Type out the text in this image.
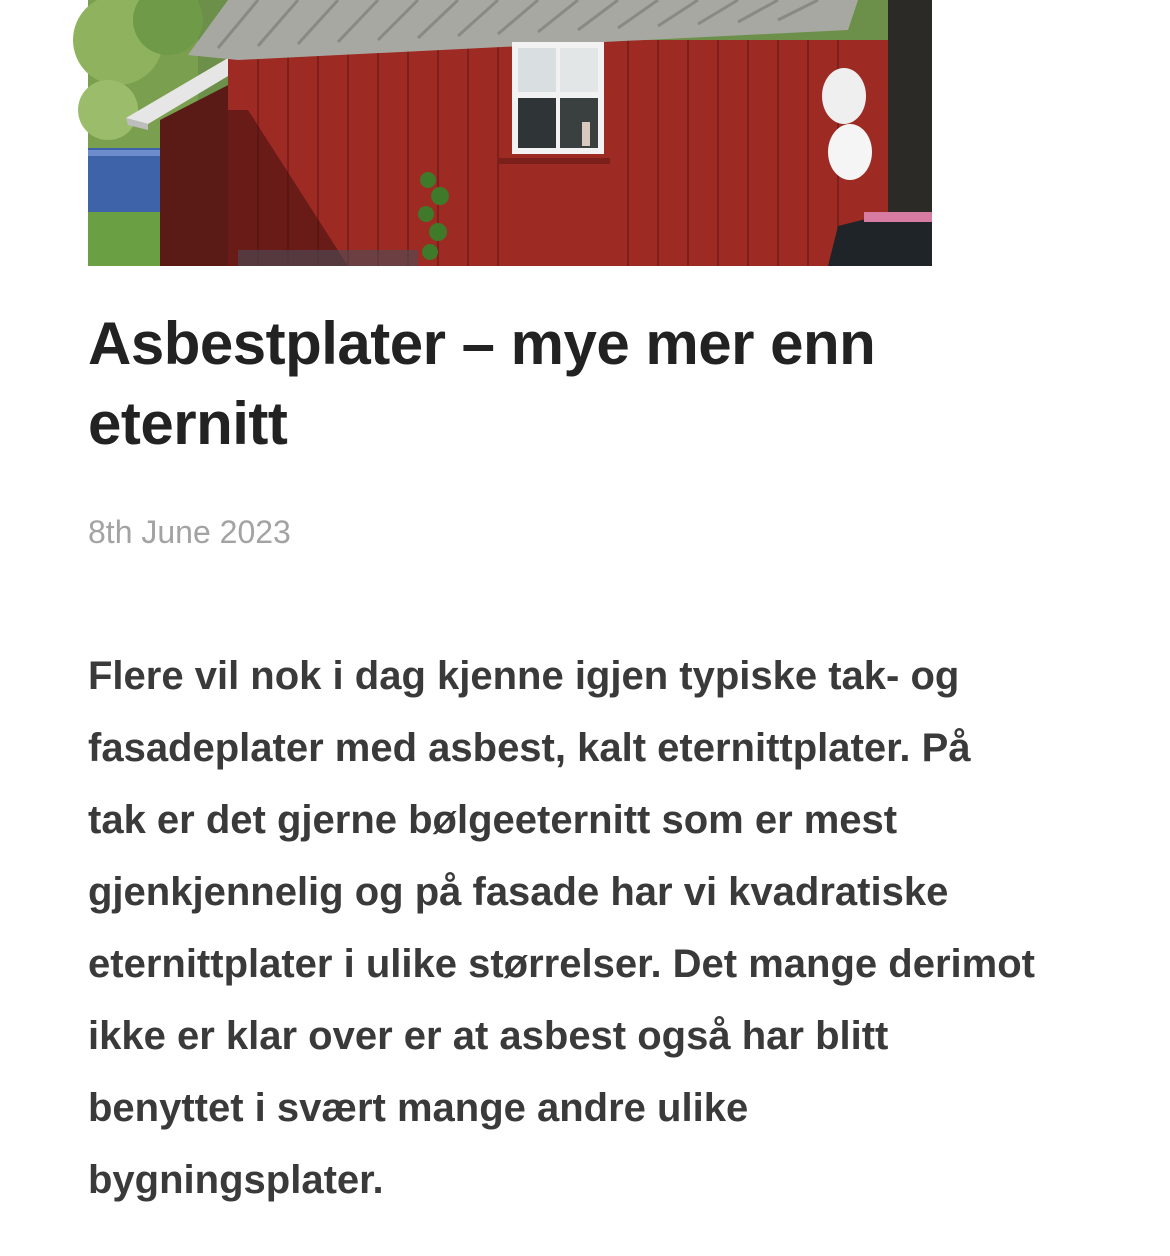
Asbestplater – mye mer enn eternitt
8th June 2023

Flere vil nok i dag kjenne igjen typiske tak- og fasadeplater med asbest, kalt eternittplater. På tak er det gjerne bølgeeternitt som er mest gjenkjennelig og på fasade har vi kvadratiske eternittplater i ulike størrelser. Det mange derimot ikke er klar over er at asbest også har blitt benyttet i svært mange andre ulike bygningsplater.
